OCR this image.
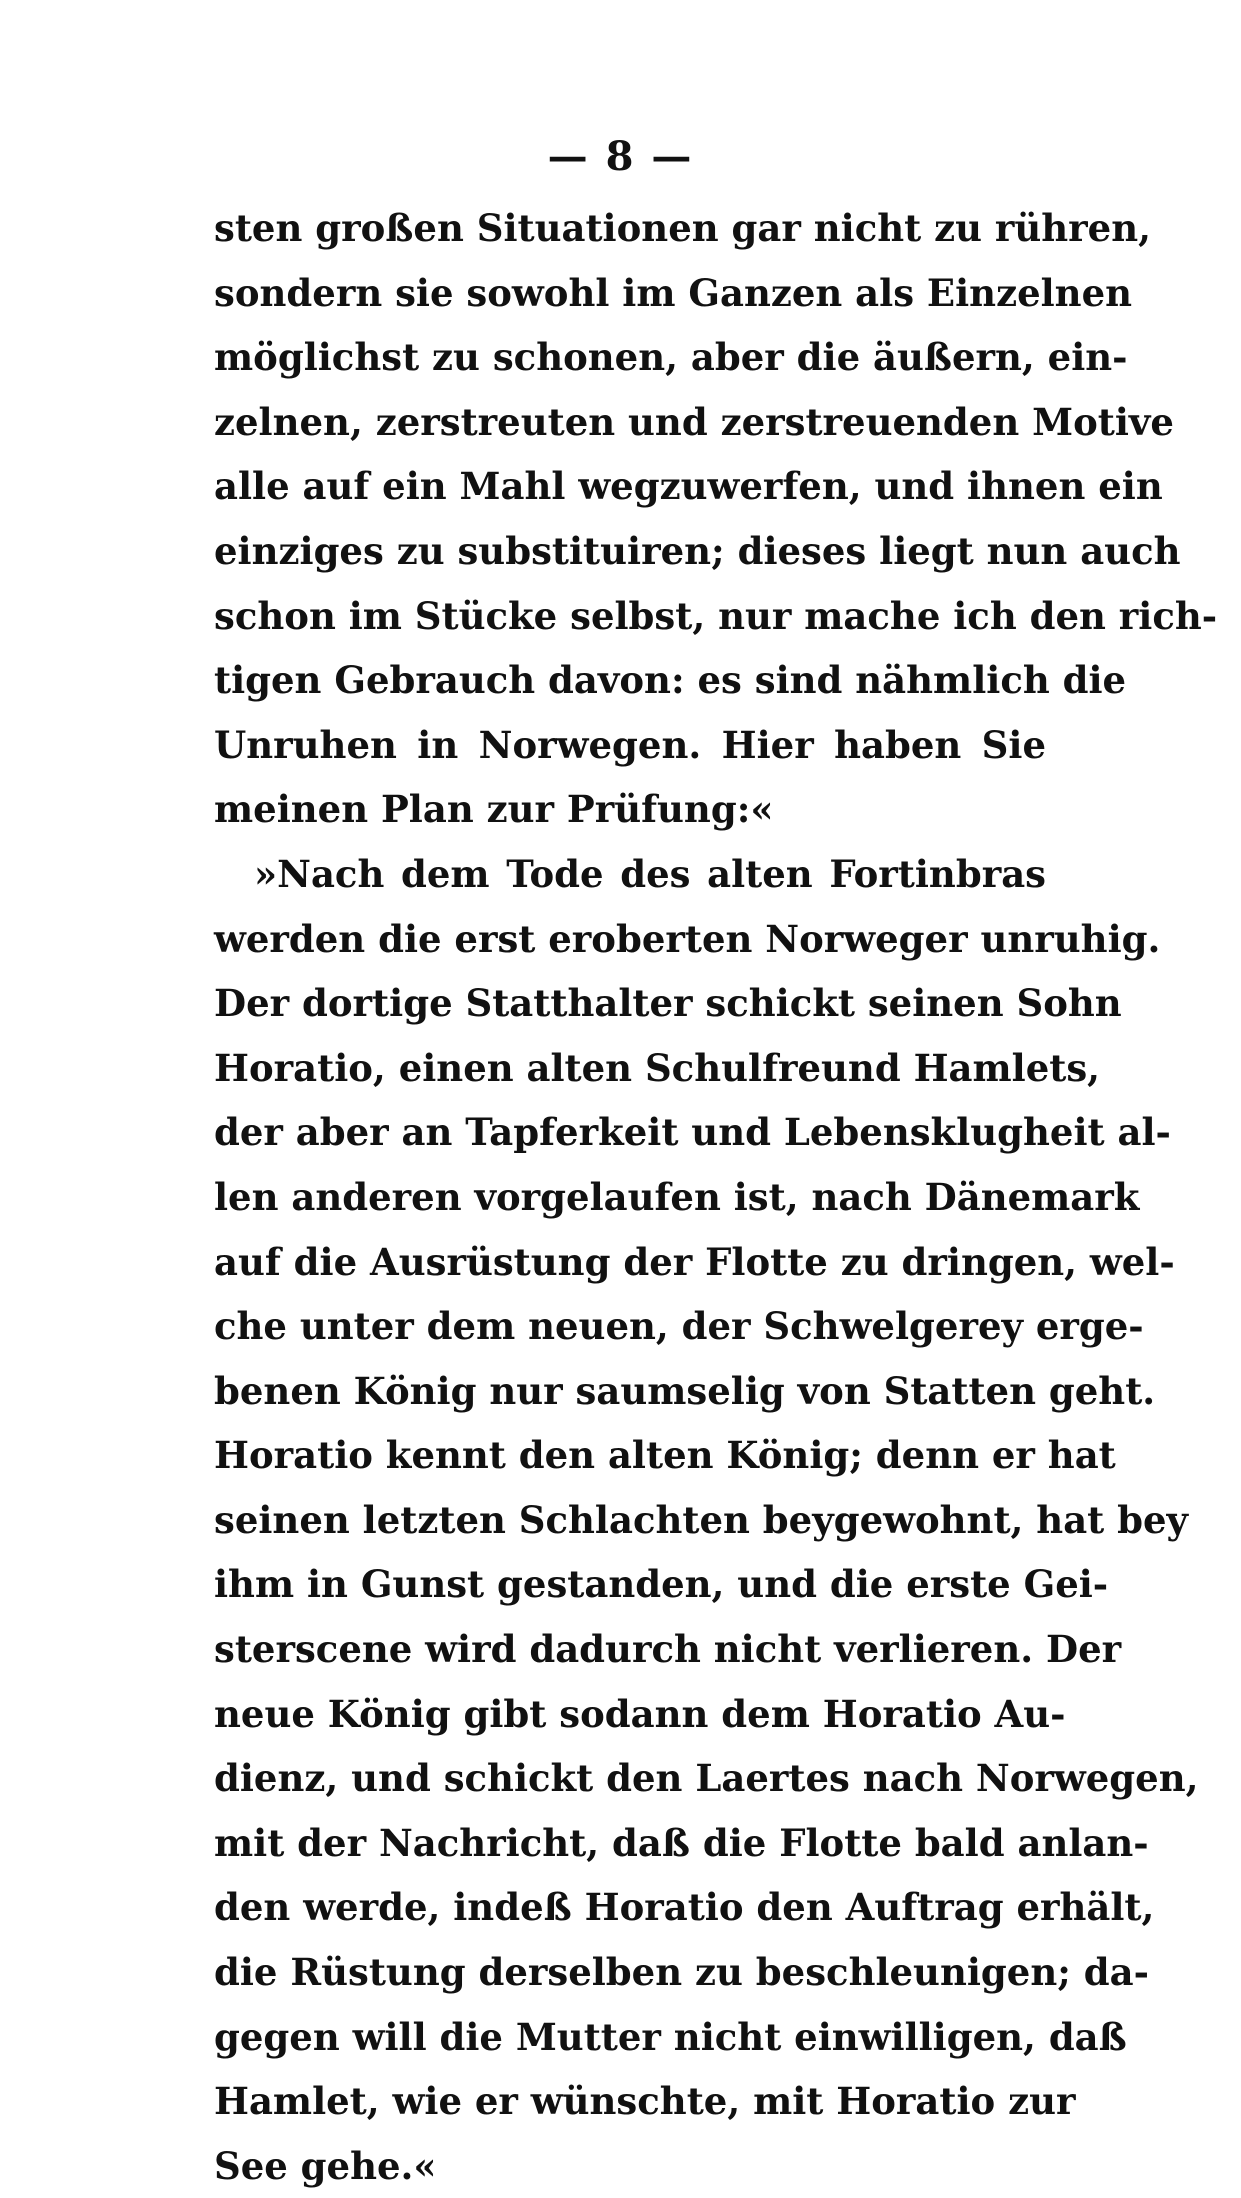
— 8 —
sten großen Situationen gar nicht zu rühren,
sondern sie sowohl im Ganzen als Einzelnen
möglichst zu schonen, aber die äußern, ein-
zelnen, zerstreuten und zerstreuenden Motive
alle auf ein Mahl wegzuwerfen, und ihnen ein
einziges zu substituiren; dieses liegt nun auch
schon im Stücke selbst, nur mache ich den rich-
tigen Gebrauch davon: es sind nähmlich die
Unruhen in Norwegen. Hier haben Sie
meinen Plan zur Prüfung:«
»Nach dem Tode des alten Fortinbras
werden die erst eroberten Norweger unruhig.
Der dortige Statthalter schickt seinen Sohn
Horatio, einen alten Schulfreund Hamlets,
der aber an Tapferkeit und Lebensklugheit al-
len anderen vorgelaufen ist, nach Dänemark
auf die Ausrüstung der Flotte zu dringen, wel-
che unter dem neuen, der Schwelgerey erge-
benen König nur saumselig von Statten geht.
Horatio kennt den alten König; denn er hat
seinen letzten Schlachten beygewohnt, hat bey
ihm in Gunst gestanden, und die erste Gei-
sterscene wird dadurch nicht verlieren. Der
neue König gibt sodann dem Horatio Au-
dienz, und schickt den Laertes nach Norwegen,
mit der Nachricht, daß die Flotte bald anlan-
den werde, indeß Horatio den Auftrag erhält,
die Rüstung derselben zu beschleunigen; da-
gegen will die Mutter nicht einwilligen, daß
Hamlet, wie er wünschte, mit Horatio zur
See gehe.«
